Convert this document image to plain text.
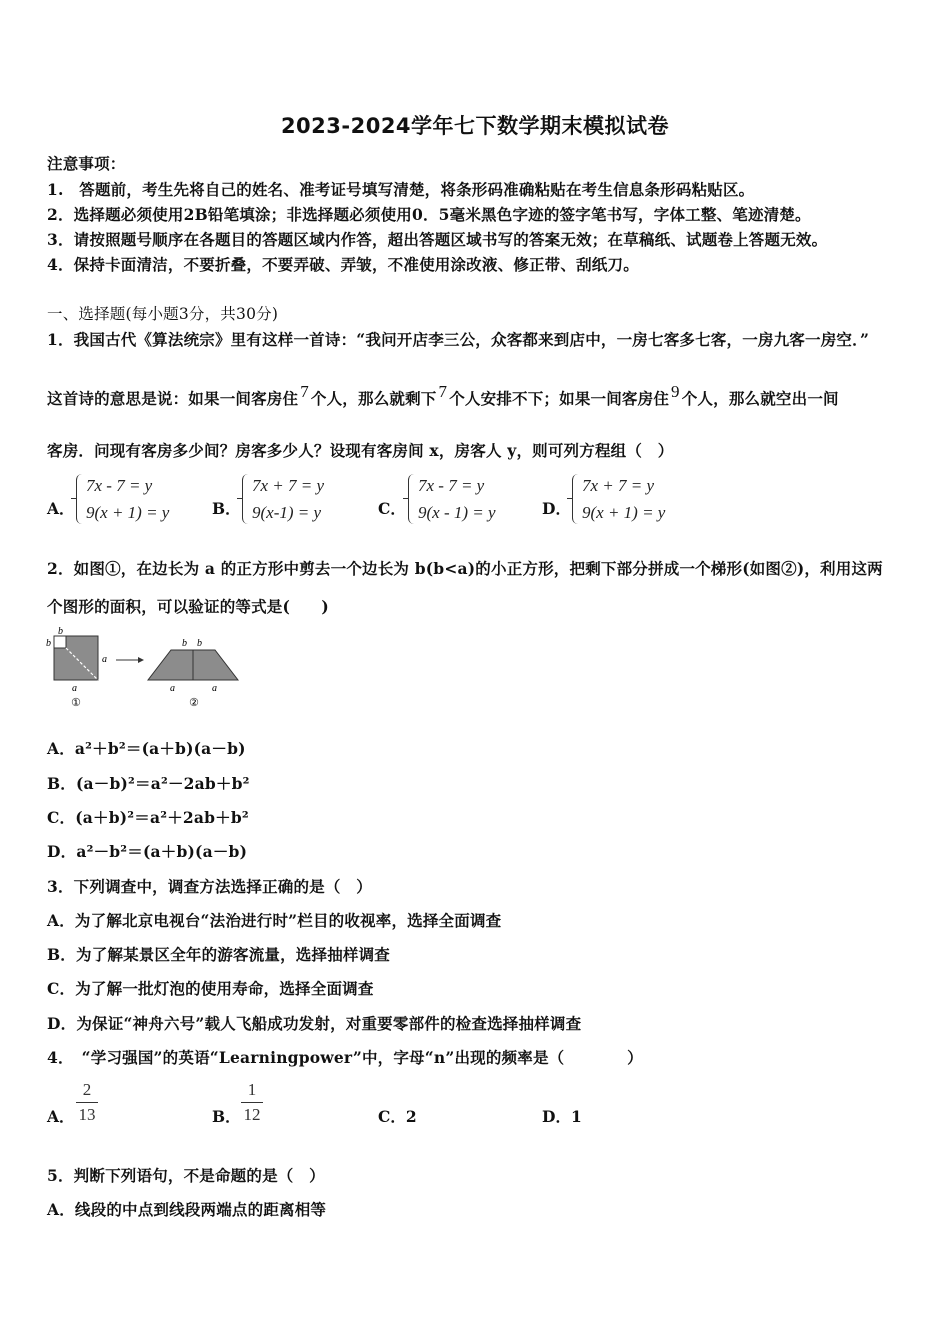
2023-2024学年七下数学期末模拟试卷
注意事项：
1.　答题前，考生先将自己的姓名、准考证号填写清楚，将条形码准确粘贴在考生信息条形码粘贴区。
2．选择题必须使用2B铅笔填涂；非选择题必须使用0．5毫米黑色字迹的签字笔书写，字体工整、笔迹清楚。
3．请按照题号顺序在各题目的答题区域内作答，超出答题区域书写的答案无效；在草稿纸、试题卷上答题无效。
4．保持卡面清洁，不要折叠，不要弄破、弄皱，不准使用涂改液、修正带、刮纸刀。
一、选择题(每小题3分，共30分)
1．我国古代《算法统宗》里有这样一首诗：“我问开店李三公，众客都来到店中，一房七客多七客，一房九客一房空．”
这首诗的意思是说：如果一间客房住 7 个人，那么就剩下 7 个人安排不下；如果一间客房住 9 个人，那么就空出一间
客房．问现有客房多少间？房客多少人？设现有客房间 x，房客人 y，则可列方程组（　）
A．
7x - 7 = y
9(x + 1) = y	B．
7x + 7 = y
9(x-1) = y	C．
7x - 7 = y
9(x - 1) = y	D．
7x + 7 = y
9(x + 1) = y
2．如图①，在边长为 a 的正方形中剪去一个边长为 b(b<a)的小正方形，把剩下部分拼成一个梯形(如图②)，利用这两
个图形的面积，可以验证的等式是(　　)
b
b
a
a
b b
a	a
①	②
A．a²＋b²＝(a＋b)(a－b)
B．(a－b)²＝a²－2ab＋b²
C．(a＋b)²＝a²＋2ab＋b²
D．a²－b²＝(a＋b)(a－b)
3．下列调查中，调查方法选择正确的是（　）
A．为了解北京电视台“法治进行时”栏目的收视率，选择全面调查
B．为了解某景区全年的游客流量，选择抽样调查
C．为了解一批灯泡的使用寿命，选择全面调查
D．为保证“神舟六号”载人飞船成功发射，对重要零部件的检查选择抽样调查
4．　“学习强国”的英语“Learningpower”中，字母“n”出现的频率是（　　　　）
A．
2
13	B．
1
12	C．2	D．1
5．判断下列语句，不是命题的是（　）
A．线段的中点到线段两端点的距离相等
